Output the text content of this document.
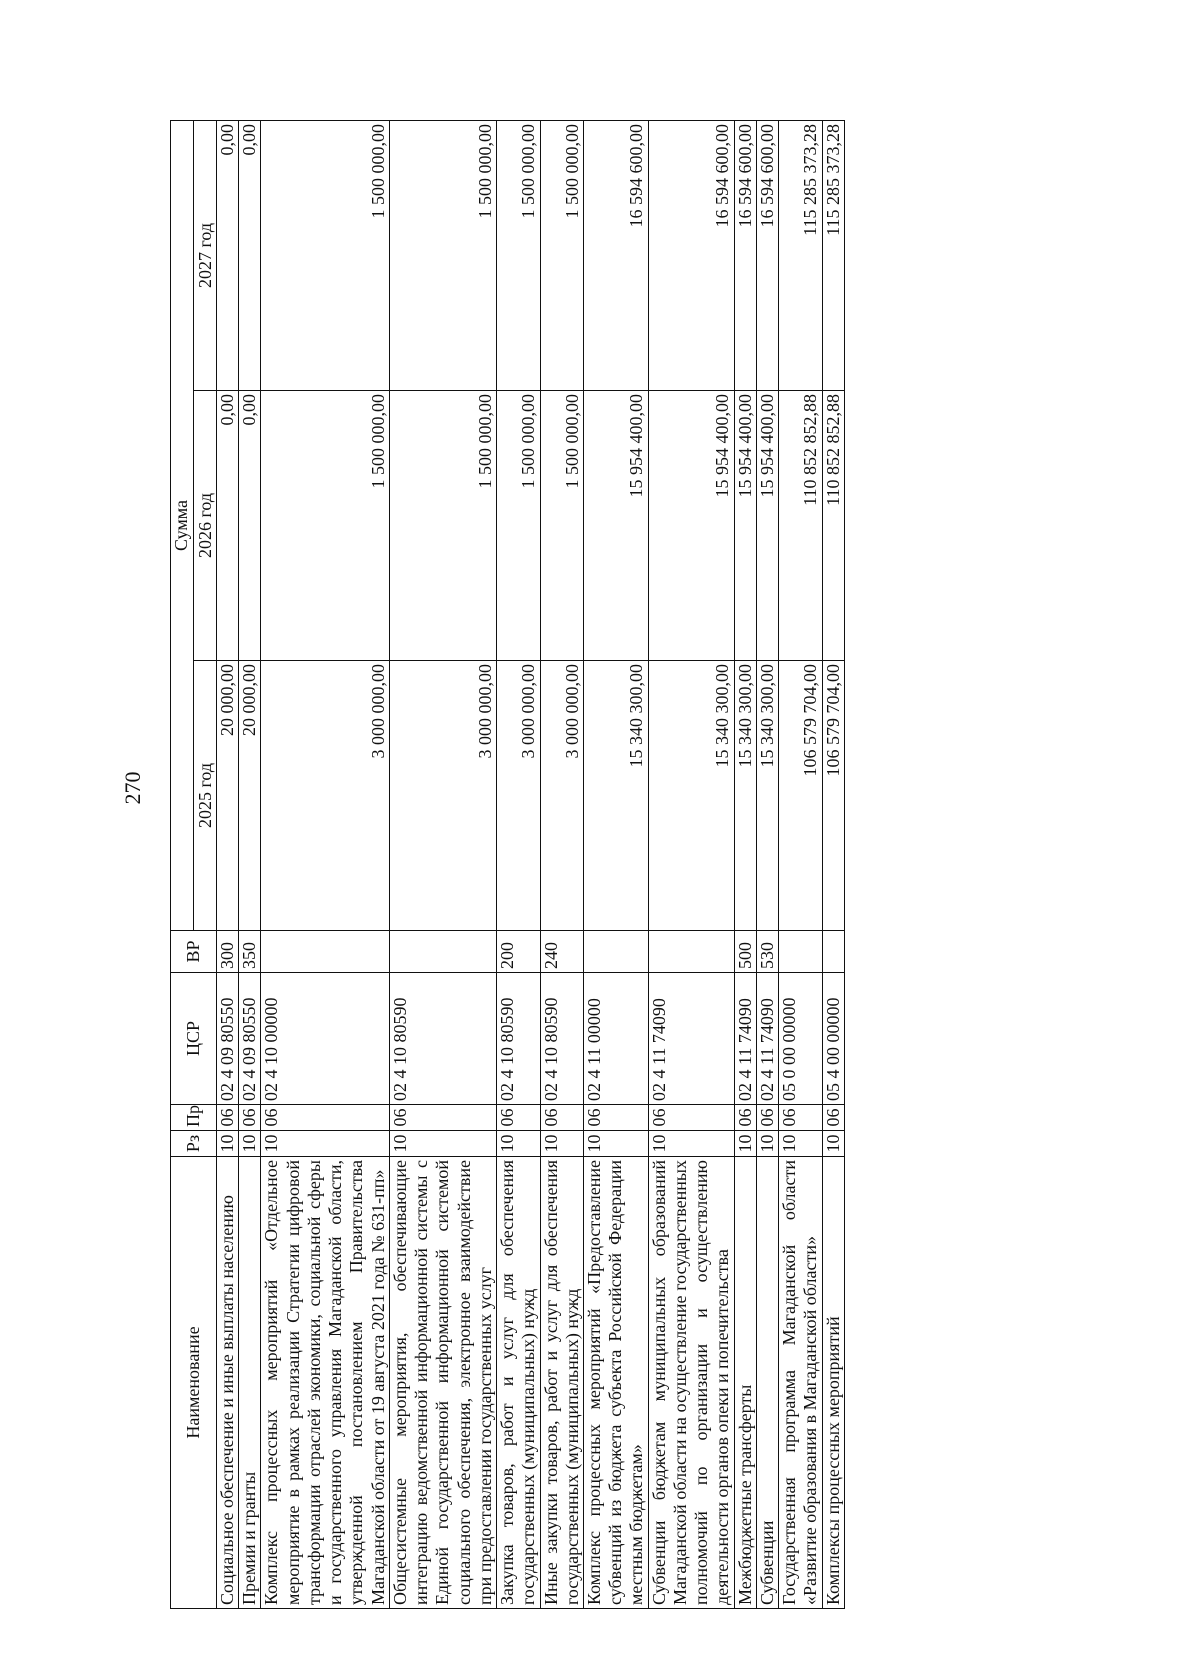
270
Наименование	Рз	Пр	ЦСР	ВР	Сумма		
					2025 год	2026 год	2027 год
Социальное обеспечение и иные выплаты населению	10	06	02 4 09 80550	300	20 000,00	0,00	0,00
Премии и гранты	10	06	02 4 09 80550	350	20 000,00	0,00	0,00
Комплекс процессных мероприятий «Отдельное мероприятие в рамках реализации Стратегии цифровой трансформации отраслей экономики, социальной сферы и государственного управления Магаданской области, утвержденной постановлением Правительства Магаданской области от 19 августа 2021 года № 631-пп»	10	06	02 4 10 00000		3 000 000,00	1 500 000,00	1 500 000,00
Общесистемные мероприятия, обеспечивающие интеграцию ведомственной информационной системы с Единой государственной информационной системой социального обеспечения, электронное взаимодействие при предоставлении государственных услуг	10	06	02 4 10 80590		3 000 000,00	1 500 000,00	1 500 000,00
Закупка товаров, работ и услуг для обеспечения государственных (муниципальных) нужд	10	06	02 4 10 80590	200	3 000 000,00	1 500 000,00	1 500 000,00
Иные закупки товаров, работ и услуг для обеспечения государственных (муниципальных) нужд	10	06	02 4 10 80590	240	3 000 000,00	1 500 000,00	1 500 000,00
Комплекс процессных мероприятий «Предоставление субвенций из бюджета субъекта Российской Федерации местным бюджетам»	10	06	02 4 11 00000		15 340 300,00	15 954 400,00	16 594 600,00
Субвенции бюджетам муниципальных образований Магаданской области на осуществление государственных полномочий по организации и осуществлению деятельности органов опеки и попечительства	10	06	02 4 11 74090		15 340 300,00	15 954 400,00	16 594 600,00
Межбюджетные трансферты	10	06	02 4 11 74090	500	15 340 300,00	15 954 400,00	16 594 600,00
Субвенции	10	06	02 4 11 74090	530	15 340 300,00	15 954 400,00	16 594 600,00
Государственная программа Магаданской области «Развитие образования в Магаданской области»	10	06	05 0 00 00000		106 579 704,00	110 852 852,88	115 285 373,28
Комплексы процессных мероприятий	10	06	05 4 00 00000		106 579 704,00	110 852 852,88	115 285 373,28
